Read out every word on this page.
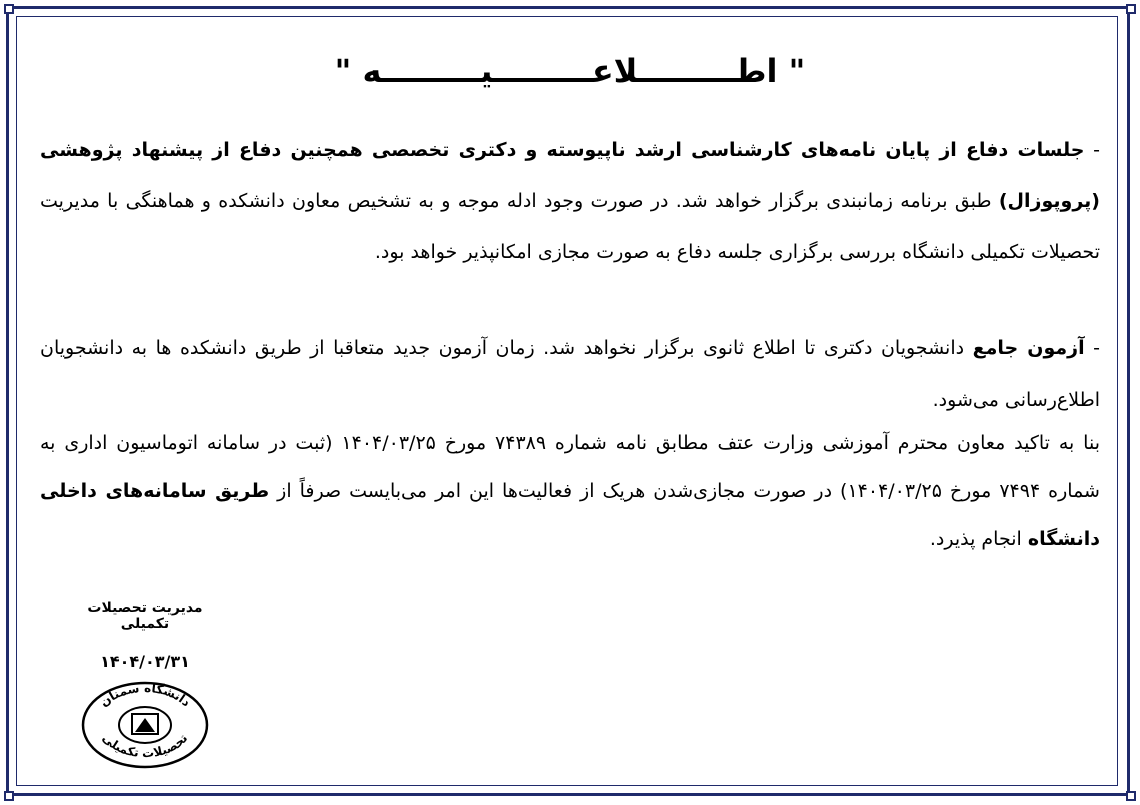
" اطـــــــــلاعـــــــــیـــــــــه "
- جلسات دفاع از پایان نامه‌های کارشناسی ارشد ناپیوسته و دکتری تخصصی همچنین دفاع از پیشنهاد پژوهشی (پروپوزال) طبق برنامه زمانبندی برگزار خواهد شد. در صورت وجود ادله موجه و به تشخیص معاون دانشکده و هماهنگی با مدیریت تحصیلات تکمیلی دانشگاه بررسی برگزاری جلسه دفاع به صورت مجازی امکانپذیر خواهد بود.
- آزمون جامع دانشجویان دکتری تا اطلاع ثانوی برگزار نخواهد شد. زمان آزمون جدید متعاقبا از طریق دانشکده ها به دانشجویان اطلاع‌رسانی می‌شود.
بنا به تاکید معاون محترم آموزشی وزارت عتف مطابق نامه شماره ۷۴۳۸۹ مورخ ۱۴۰۴/۰۳/۲۵ (ثبت در سامانه اتوماسیون اداری به شماره ۷۴۹۴ مورخ ۱۴۰۴/۰۳/۲۵) در صورت مجازی‌شدن هریک از فعالیت‌ها این امر می‌بایست صرفاً از طریق سامانه‌های داخلی دانشگاه انجام پذیرد.
مدیریت تحصیلات تکمیلی
۱۴۰۴/۰۳/۳۱
دانشگاه سمنان
تحصیلات تکمیلی
